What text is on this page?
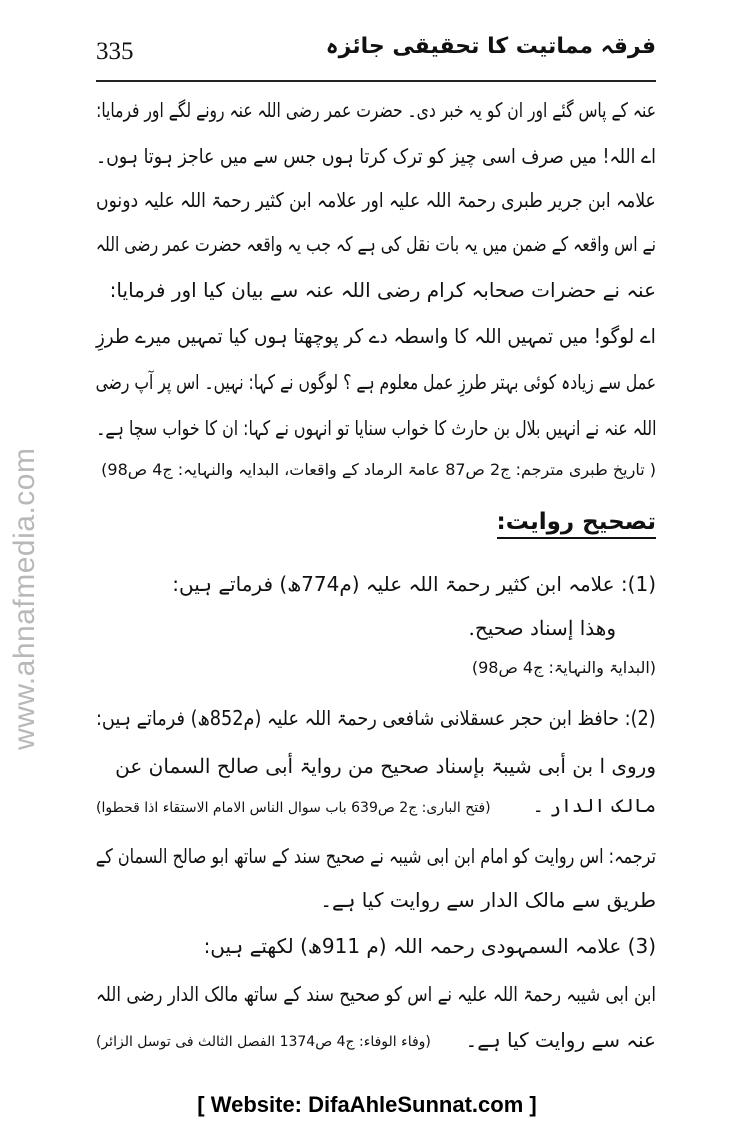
335	فرقہ مماتیت کا تحقیقی جائزہ
عنہ کے پاس گئے اور ان کو یہ خبر دی۔ حضرت عمر رضی اللہ عنہ رونے لگے اور فرمایا:
اے اللہ! میں صرف اسی چیز کو ترک کرتا ہوں جس سے میں عاجز ہوتا ہوں۔
علامہ ابن جریر طبری رحمۃ اللہ علیہ اور علامہ ابن کثیر رحمۃ اللہ علیہ دونوں
نے اس واقعہ کے ضمن میں یہ بات نقل کی ہے کہ جب یہ واقعہ حضرت عمر رضی اللہ
عنہ نے حضرات صحابہ کرام رضی اللہ عنہ سے بیان کیا اور فرمایا:
اے لوگو! میں تمہیں اللہ کا واسطہ دے کر پوچھتا ہوں کیا تمہیں میرے طرزِ
عمل سے زیادہ کوئی بہتر طرزِ عمل معلوم ہے ؟ لوگوں نے کہا: نہیں۔ اس پر آپ رضی
اللہ عنہ نے انہیں بلال بن حارث کا خواب سنایا تو انہوں نے کہا: ان کا خواب سچا ہے۔
( تاریخ طبری مترجم: ج2 ص87 عامۃ الرماد کے واقعات، البدایہ والنہایہ: ج4 ص98)
تصحیح روایت:
(1): علامہ ابن کثیر رحمۃ اللہ علیہ (م774ھ) فرماتے ہیں:
وھذا إسناد صحیح.
(البدایۃ والنہایۃ: ج4 ص98)
(2): حافظ ابن حجر عسقلانی شافعی رحمۃ اللہ علیہ (م852ھ) فرماتے ہیں:
وروی ا بن أبی شیبۃ بإسناد صحیح من روایۃ أبی صالح السمان عن
مالک الدار ۔
(فتح الباری: ج2 ص639 باب سوال الناس الامام الاستقاء اذا قحطوا)
ترجمہ: اس روایت کو امام ابن ابی شیبہ نے صحیح سند کے ساتھ ابو صالح السمان کے
طریق سے مالک الدار سے روایت کیا ہے۔
(3) علامہ السمہودی رحمہ اللہ (م 911ھ) لکھتے ہیں:
ابن ابی شیبہ رحمۃ اللہ علیہ نے اس کو صحیح سند کے ساتھ مالک الدار رضی اللہ
عنہ سے روایت کیا ہے۔
(وفاء الوفاء: ج4 ص1374 الفصل الثالث فی توسل الزائر)
www.ahnafmedia.com
[ Website: DifaAhleSunnat.com ]
